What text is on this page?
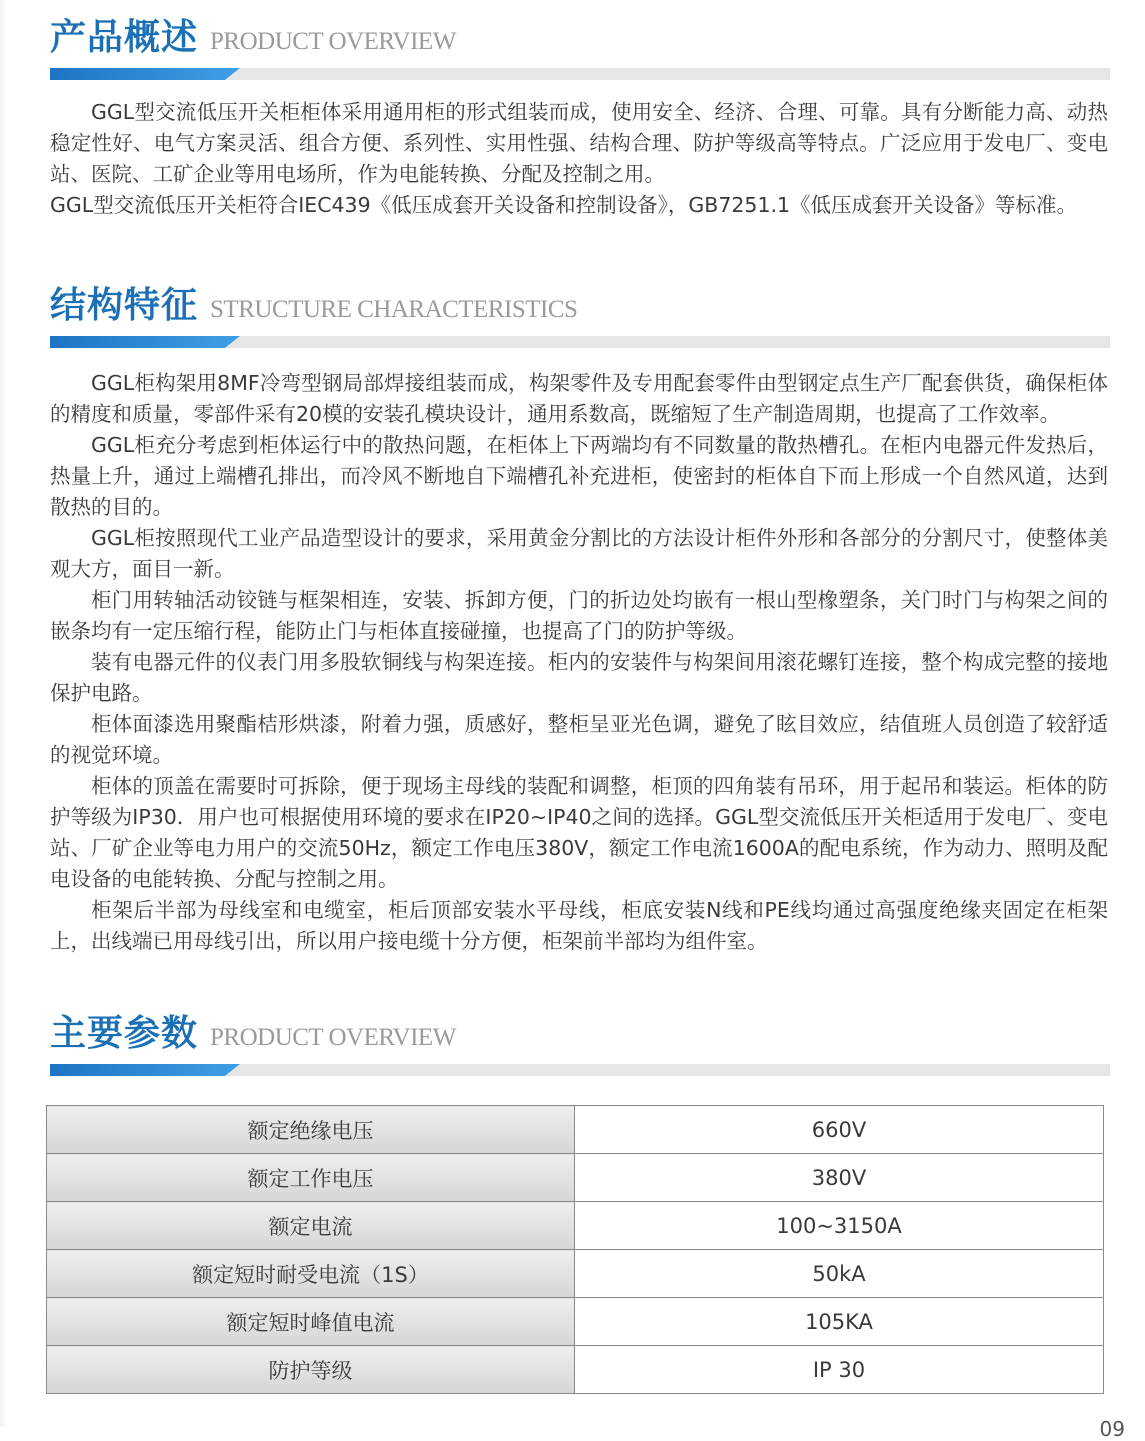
产品概述 PRODUCT OVERVIEW

GGL型交流低压开关柜柜体采用通用柜的形式组装而成，使用安全、经济、合理、可靠。具有分断能力高、动热稳定性好、电气方案灵活、组合方便、系列性、实用性强、结构合理、防护等级高等特点。广泛应用于发电厂、变电站、医院、工矿企业等用电场所，作为电能转换、分配及控制之用。

GGL型交流低压开关柜符合IEC439《低压成套开关设备和控制设备》，GB7251.1《低压成套开关设备》等标准。

结构特征 STRUCTURE CHARACTERISTICS

GGL柜构架用8MF冷弯型钢局部焊接组装而成，构架零件及专用配套零件由型钢定点生产厂配套供货，确保柜体的精度和质量，零部件采有20模的安装孔模块设计，通用系数高，既缩短了生产制造周期，也提高了工作效率。

GGL柜充分考虑到柜体运行中的散热问题，在柜体上下两端均有不同数量的散热槽孔。在柜内电器元件发热后，热量上升，通过上端槽孔排出，而冷风不断地自下端槽孔补充进柜，使密封的柜体自下而上形成一个自然风道，达到散热的目的。

GGL柜按照现代工业产品造型设计的要求，采用黄金分割比的方法设计柜件外形和各部分的分割尺寸，使整体美观大方，面目一新。

柜门用转轴活动铰链与框架相连，安装、拆卸方便，门的折边处均嵌有一根山型橡塑条，关门时门与构架之间的嵌条均有一定压缩行程，能防止门与柜体直接碰撞，也提高了门的防护等级。

装有电器元件的仪表门用多股软铜线与构架连接。柜内的安装件与构架间用滚花螺钉连接，整个构成完整的接地保护电路。

柜体面漆选用聚酯桔形烘漆，附着力强，质感好，整柜呈亚光色调，避免了眩目效应，结值班人员创造了较舒适的视觉环境。

柜体的顶盖在需要时可拆除，便于现场主母线的装配和调整，柜顶的四角装有吊环，用于起吊和装运。柜体的防护等级为IP30．用户也可根据使用环境的要求在IP20~IP40之间的选择。GGL型交流低压开关柜适用于发电厂、变电站、厂矿企业等电力用户的交流50Hz，额定工作电压380V，额定工作电流1600A的配电系统，作为动力、照明及配电设备的电能转换、分配与控制之用。

柜架后半部为母线室和电缆室，柜后顶部安装水平母线，柜底安装N线和PE线均通过高强度绝缘夹固定在柜架上，出线端已用母线引出，所以用户接电缆十分方便，柜架前半部均为组件室。

主要参数 PRODUCT OVERVIEW
额定绝缘电压	660V
额定工作电压	380V
额定电流	100~3150A
额定短时耐受电流（1S）	50kA
额定短时峰值电流	105KA
防护等级	IP 30
09
